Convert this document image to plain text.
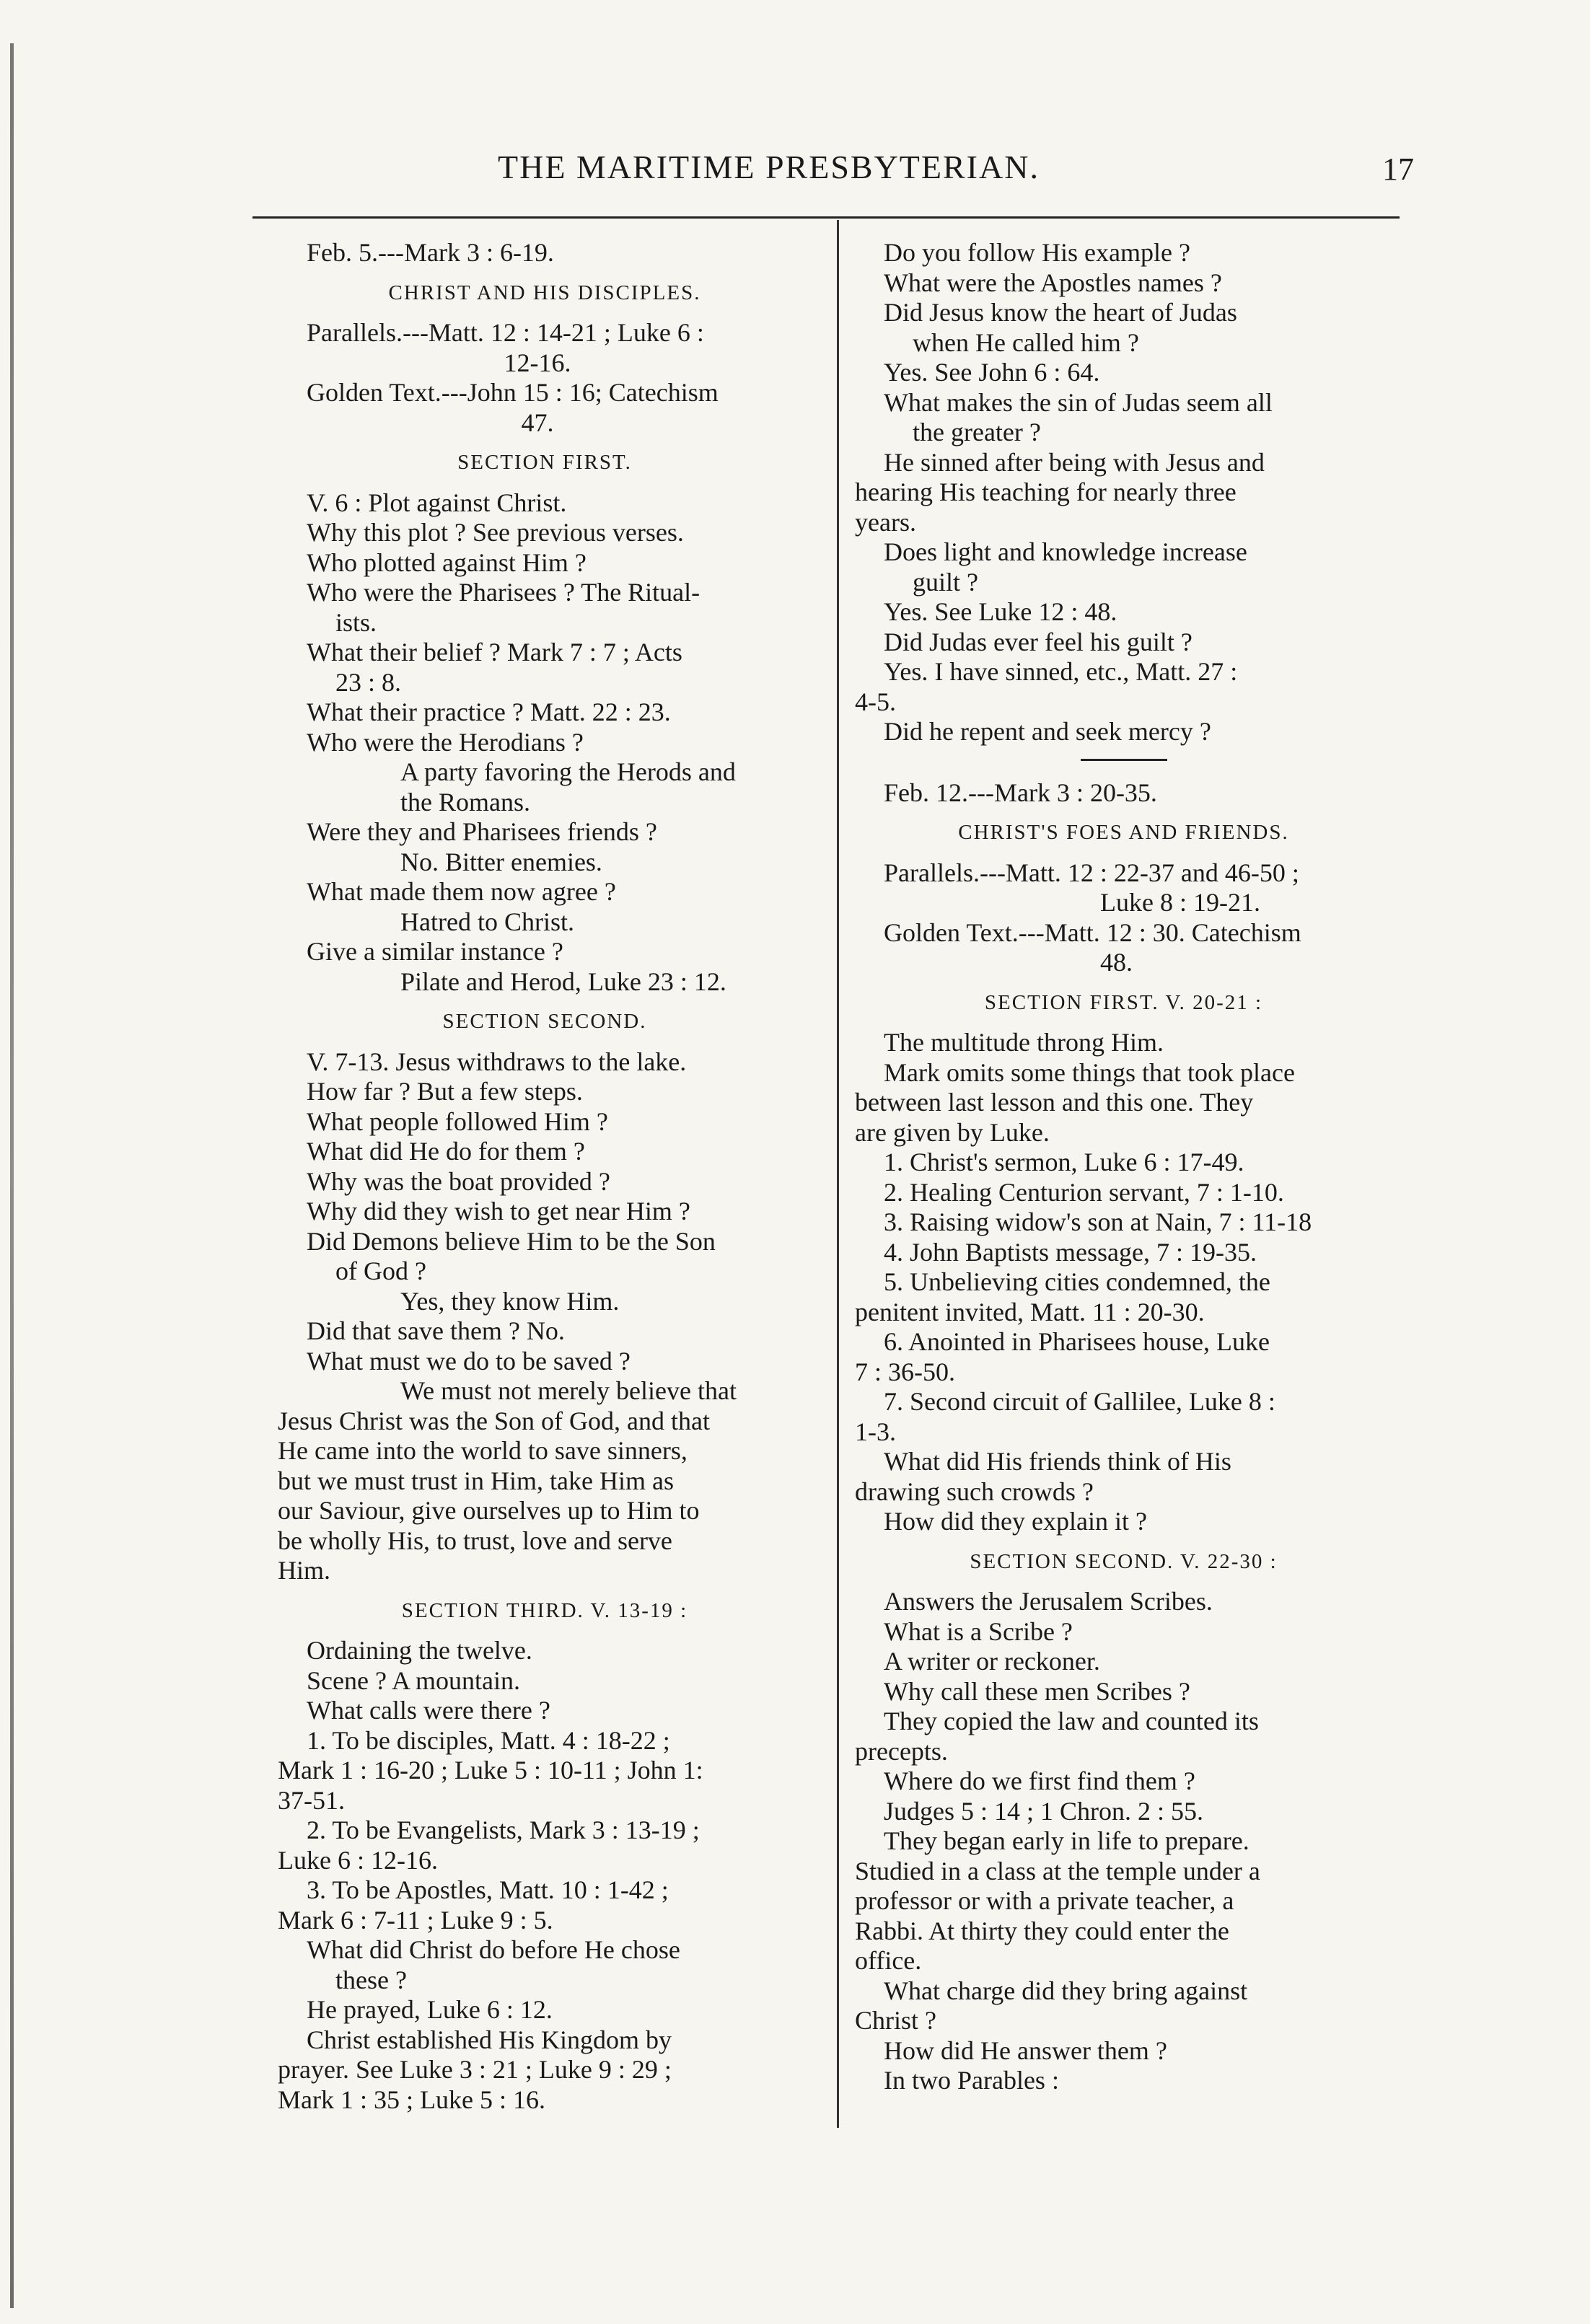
THE MARITIME PRESBYTERIAN.	17
Feb. 5.---Mark 3 : 6-19.
CHRIST AND HIS DISCIPLES.
Parallels.---Matt. 12 : 14-21 ; Luke 6 :
12-16.
Golden Text.---John 15 : 16; Catechism
47.
SECTION FIRST.
V. 6 : Plot against Christ.
Why this plot ? See previous verses.
Who plotted against Him ?
Who were the Pharisees ? The Ritual-
ists.
What their belief ? Mark 7 : 7 ; Acts
23 : 8.
What their practice ? Matt. 22 : 23.
Who were the Herodians ?
A party favoring the Herods and
the Romans.
Were they and Pharisees friends ?
No. Bitter enemies.
What made them now agree ?
Hatred to Christ.
Give a similar instance ?
Pilate and Herod, Luke 23 : 12.
SECTION SECOND.
V. 7-13. Jesus withdraws to the lake.
How far ? But a few steps.
What people followed Him ?
What did He do for them ?
Why was the boat provided ?
Why did they wish to get near Him ?
Did Demons believe Him to be the Son
of God ?
Yes, they know Him.
Did that save them ? No.
What must we do to be saved ?
We must not merely believe that
Jesus Christ was the Son of God, and that
He came into the world to save sinners,
but we must trust in Him, take Him as
our Saviour, give ourselves up to Him to
be wholly His, to trust, love and serve
Him.
SECTION THIRD. V. 13-19 :
Ordaining the twelve.
Scene ? A mountain.
What calls were there ?
1. To be disciples, Matt. 4 : 18-22 ;
Mark 1 : 16-20 ; Luke 5 : 10-11 ; John 1:
37-51.
2. To be Evangelists, Mark 3 : 13-19 ;
Luke 6 : 12-16.
3. To be Apostles, Matt. 10 : 1-42 ;
Mark 6 : 7-11 ; Luke 9 : 5.
What did Christ do before He chose
these ?
He prayed, Luke 6 : 12.
Christ established His Kingdom by
prayer. See Luke 3 : 21 ; Luke 9 : 29 ;
Mark 1 : 35 ; Luke 5 : 16.
Do you follow His example ?
What were the Apostles names ?
Did Jesus know the heart of Judas
when He called him ?
Yes. See John 6 : 64.
What makes the sin of Judas seem all
the greater ?
He sinned after being with Jesus and
hearing His teaching for nearly three
years.
Does light and knowledge increase
guilt ?
Yes. See Luke 12 : 48.
Did Judas ever feel his guilt ?
Yes. I have sinned, etc., Matt. 27 :
4-5.
Did he repent and seek mercy ?
Feb. 12.---Mark 3 : 20-35.
CHRIST'S FOES AND FRIENDS.
Parallels.---Matt. 12 : 22-37 and 46-50 ;
Luke 8 : 19-21.
Golden Text.---Matt. 12 : 30. Catechism
48.
SECTION FIRST. V. 20-21 :
The multitude throng Him.
Mark omits some things that took place
between last lesson and this one. They
are given by Luke.
1. Christ's sermon, Luke 6 : 17-49.
2. Healing Centurion servant, 7 : 1-10.
3. Raising widow's son at Nain, 7 : 11-18
4. John Baptists message, 7 : 19-35.
5. Unbelieving cities condemned, the
penitent invited, Matt. 11 : 20-30.
6. Anointed in Pharisees house, Luke
7 : 36-50.
7. Second circuit of Gallilee, Luke 8 :
1-3.
What did His friends think of His
drawing such crowds ?
How did they explain it ?
SECTION SECOND. V. 22-30 :
Answers the Jerusalem Scribes.
What is a Scribe ?
A writer or reckoner.
Why call these men Scribes ?
They copied the law and counted its
precepts.
Where do we first find them ?
Judges 5 : 14 ; 1 Chron. 2 : 55.
They began early in life to prepare.
Studied in a class at the temple under a
professor or with a private teacher, a
Rabbi. At thirty they could enter the
office.
What charge did they bring against
Christ ?
How did He answer them ?
In two Parables :
